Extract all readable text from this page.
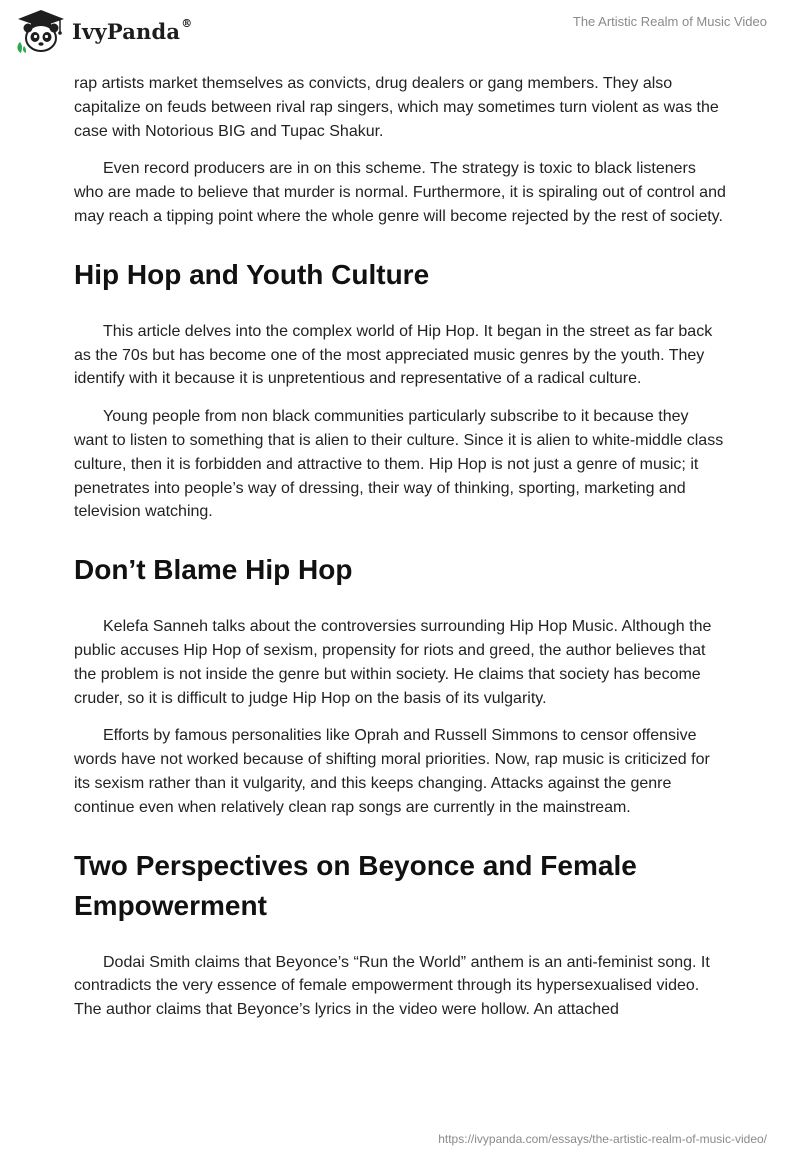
IvyPanda®	The Artistic Realm of Music Video

rap artists market themselves as convicts, drug dealers or gang members. They also capitalize on feuds between rival rap singers, which may sometimes turn violent as was the case with Notorious BIG and Tupac Shakur.

Even record producers are in on this scheme. The strategy is toxic to black listeners who are made to believe that murder is normal. Furthermore, it is spiraling out of control and may reach a tipping point where the whole genre will become rejected by the rest of society.

Hip Hop and Youth Culture

This article delves into the complex world of Hip Hop. It began in the street as far back as the 70s but has become one of the most appreciated music genres by the youth. They identify with it because it is unpretentious and representative of a radical culture.

Young people from non black communities particularly subscribe to it because they want to listen to something that is alien to their culture. Since it is alien to white-middle class culture, then it is forbidden and attractive to them. Hip Hop is not just a genre of music; it penetrates into people’s way of dressing, their way of thinking, sporting, marketing and television watching.

Don’t Blame Hip Hop

Kelefa Sanneh talks about the controversies surrounding Hip Hop Music. Although the public accuses Hip Hop of sexism, propensity for riots and greed, the author believes that the problem is not inside the genre but within society. He claims that society has become cruder, so it is difficult to judge Hip Hop on the basis of its vulgarity.

Efforts by famous personalities like Oprah and Russell Simmons to censor offensive words have not worked because of shifting moral priorities. Now, rap music is criticized for its sexism rather than it vulgarity, and this keeps changing. Attacks against the genre continue even when relatively clean rap songs are currently in the mainstream.

Two Perspectives on Beyonce and Female Empowerment

Dodai Smith claims that Beyonce’s “Run the World” anthem is an anti-feminist song. It contradicts the very essence of female empowerment through its hypersexualised video. The author claims that Beyonce’s lyrics in the video were hollow. An attached

https://ivypanda.com/essays/the-artistic-realm-of-music-video/
